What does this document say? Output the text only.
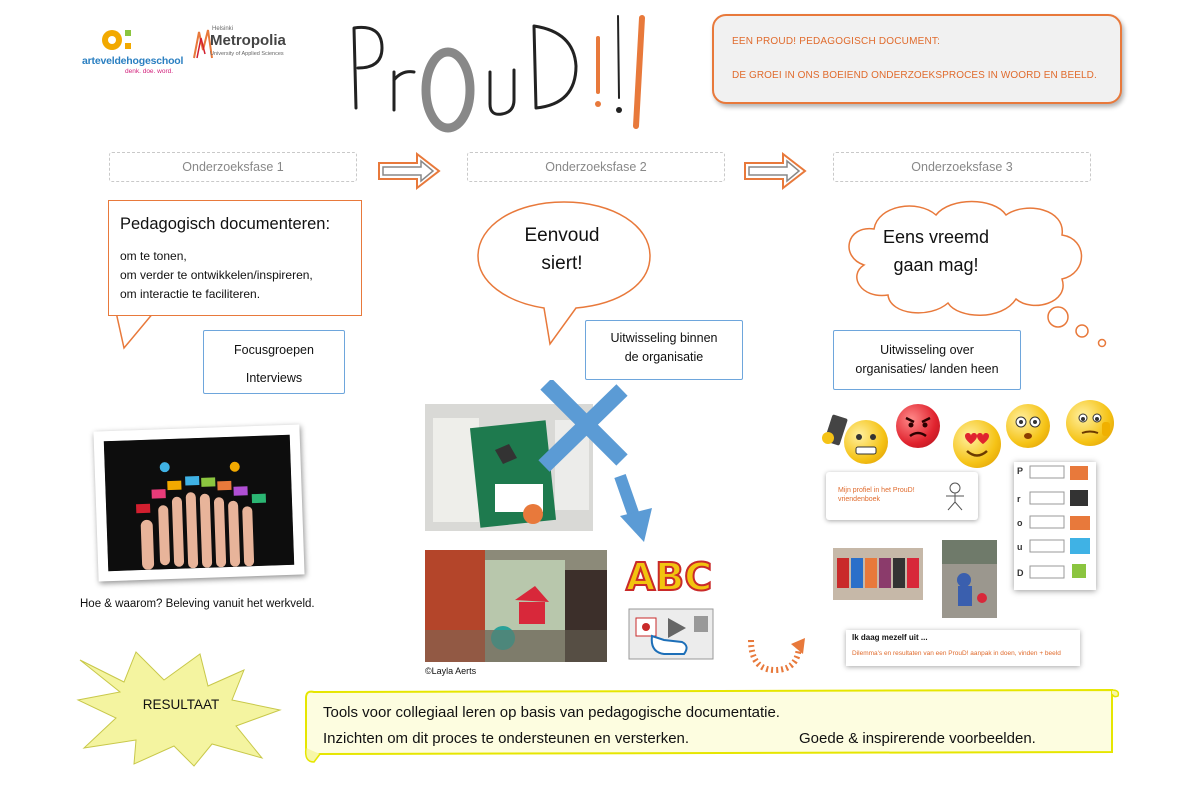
arteveldehogeschool
denk. doe. word.
Helsinki
Metropolia
University of Applied Sciences
ProuD!!!
EEN PROUD! PEDAGOGISCH DOCUMENT:
DE GROEI IN ONS BOEIEND ONDERZOEKSPROCES IN WOORD EN BEELD.
Onderzoeksfase 1	Onderzoeksfase 2	Onderzoeksfase 3
Pedagogisch documenteren:
om te tonen,
om verder te ontwikkelen/inspireren,
om interactie te faciliteren.
Focusgroepen
Interviews
Hoe & waarom? Beleving vanuit het werkveld.
Eenvoud
siert!
Uitwisseling binnen
de organisatie
©Layla Aerts
ABC
Eens vreemd
gaan mag!
Uitwisseling over
organisaties/ landen heen
Mijn profiel in het ProuD! vriendenboek
P
r
o
u
D
Ik daag mezelf uit ...
Dilemma's en resultaten van een ProuD! aanpak in doen, vinden + beeld
RESULTAAT	Tools voor collegiaal leren op basis van pedagogische documentatie.
Inzichten om dit proces te ondersteunen en versterken.	Goede & inspirerende voorbeelden.
